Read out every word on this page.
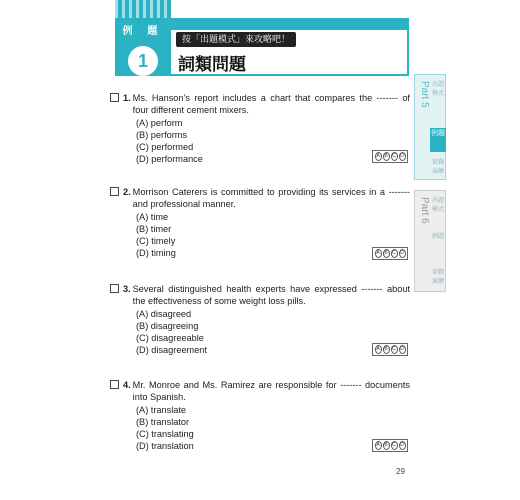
例 題
1
按「出題模式」來攻略吧！
詞類問題
Part 5 出題模式
實戰演練
例題
Part 6 出題模式
例題
實戰演練
1. Ms. Hanson’s report includes a chart that compares the ------- of four different cement mixers.
(A) perform
(B) performs
(C) performed
(D) performance	A B C D
2. Morrison Caterers is committed to providing its services in a ------- and professional manner.
(A) time
(B) timer
(C) timely
(D) timing	A B C D
3. Several distinguished health experts have expressed ------- about the effectiveness of some weight loss pills.
(A) disagreed
(B) disagreeing
(C) disagreeable
(D) disagreement	A B C D
4. Mr. Monroe and Ms. Ramirez are responsible for ------- documents into Spanish.
(A) translate
(B) translator
(C) translating
(D) translation	A B C D
29
